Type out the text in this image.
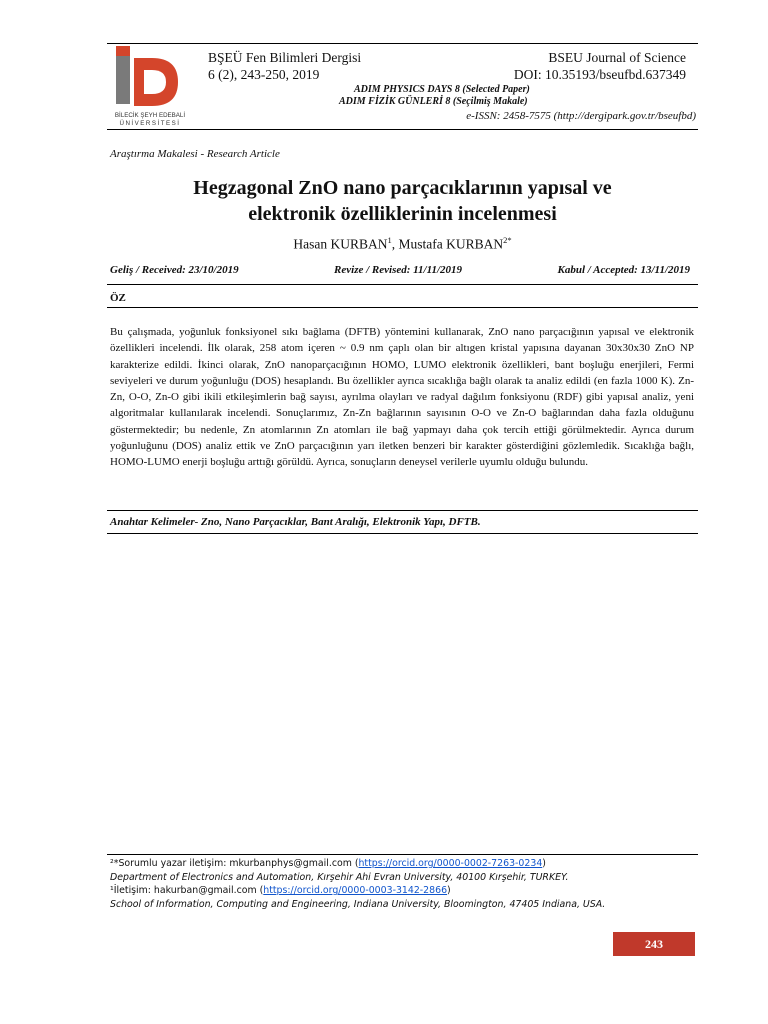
BİLECİK ŞEYH EDEBALİ
ÜNİVERSİTESİ
BŞEÜ Fen Bilimleri Dergisi
6 (2), 243-250, 2019
BSEU Journal of Science
DOI: 10.35193/bseufbd.637349
ADIM PHYSICS DAYS 8 (Selected Paper)
ADIM FİZİK GÜNLERİ 8 (Seçilmiş Makale)
e-ISSN: 2458-7575 (http://dergipark.gov.tr/bseufbd)
Araştırma Makalesi - Research Article
Hegzagonal ZnO nano parçacıklarının yapısal ve
elektronik özelliklerinin incelenmesi
Hasan KURBAN$^1$, Mustafa $KURBAN^{2*}$
Geliş / Received: 23/10/2019	Revize / Revised: 11/11/2019	Kabul / Accepted: 13/11/2019
ÖZ
Bu çalışmada, yoğunluk fonksiyonel sıkı bağlama (DFTB) yöntemini kullanarak, ZnO nano parçacığının yapısal ve elektronik özellikleri incelendi. İlk olarak, 258 atom içeren ~ 0.9 nm çaplı olan bir altıgen kristal yapısına dayanan 30x30x30 ZnO NP karakterize edildi. İkinci olarak, ZnO nanoparçacığının HOMO, LUMO elektronik özellikleri, bant boşluğu enerjileri, Fermi seviyeleri ve durum yoğunluğu (DOS) hesaplandı. Bu özellikler ayrıca sıcaklığa bağlı olarak ta analiz edildi (en fazla 1000 K). Zn-Zn, O-O, Zn-O gibi ikili etkileşimlerin bağ sayısı, ayrılma olayları ve radyal dağılım fonksiyonu (RDF) gibi yapısal analiz, yeni algoritmalar kullanılarak incelendi. Sonuçlarımız, Zn-Zn bağlarının sayısının O-O ve Zn-O bağlarından daha fazla olduğunu göstermektedir; bu nedenle, Zn atomlarının Zn atomları ile bağ yapmayı daha çok tercih ettiği görülmektedir. Ayrıca durum yoğunluğunu (DOS) analiz ettik ve ZnO parçacığının yarı iletken benzeri bir karakter gösterdiğini gözlemledik. Sıcaklığa bağlı, HOMO-LUMO enerji boşluğu arttığı görüldü. Ayrıca, sonuçların deneysel verilerle uyumlu olduğu bulundu.
Anahtar Kelimeler- Zno, Nano Parçacıklar, Bant Aralığı, Elektronik Yapı, DFTB.
²*Sorumlu yazar iletişim: mkurbanphys@gmail.com (https://orcid.org/0000-0002-7263-0234)
Department of Electronics and Automation, Kırşehir Ahi Evran University, 40100 Kırşehir, TURKEY.
¹İletişim: hakurban@gmail.com (https://orcid.org/0000-0003-3142-2866)
School of Information, Computing and Engineering, Indiana University, Bloomington, 47405 Indiana, USA.
243
